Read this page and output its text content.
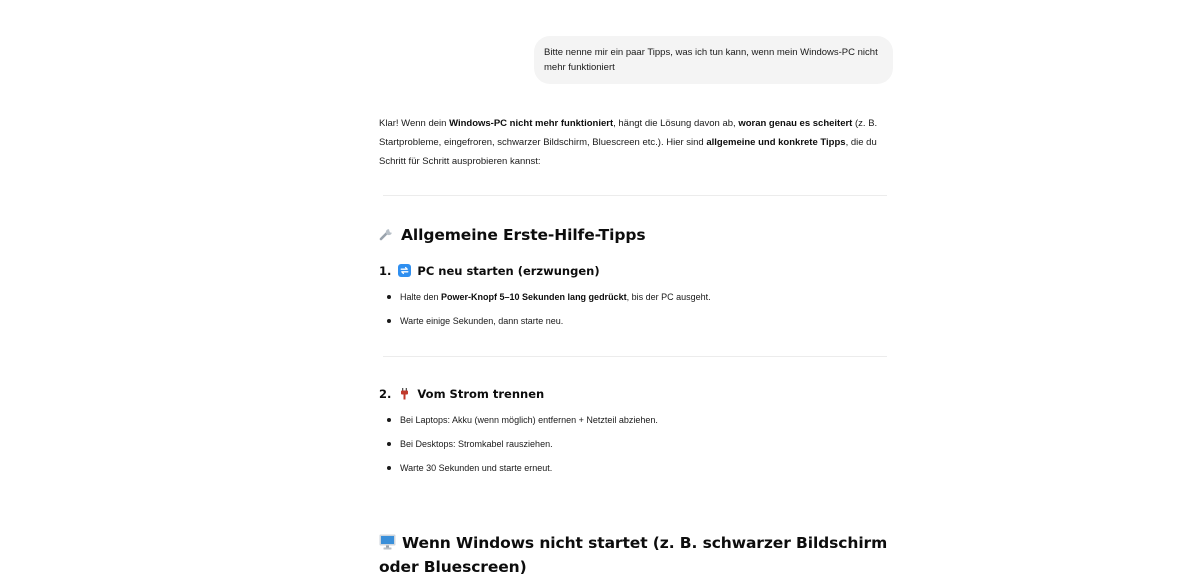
Bitte nenne mir ein paar Tipps, was ich tun kann, wenn mein Windows-PC nicht mehr funktioniert
Klar! Wenn dein Windows-PC nicht mehr funktioniert, hängt die Lösung davon ab, woran genau es scheitert (z. B. Startprobleme, eingefroren, schwarzer Bildschirm, Bluescreen etc.). Hier sind allgemeine und konkrete Tipps, die du Schritt für Schritt ausprobieren kannst:
Allgemeine Erste-Hilfe-Tipps
1. PC neu starten (erzwungen)
Halte den Power-Knopf 5–10 Sekunden lang gedrückt, bis der PC ausgeht.
Warte einige Sekunden, dann starte neu.
2. Vom Strom trennen
Bei Laptops: Akku (wenn möglich) entfernen + Netzteil abziehen.
Bei Desktops: Stromkabel rausziehen.
Warte 30 Sekunden und starte erneut.
Wenn Windows nicht startet (z. B. schwarzer Bildschirm oder Bluescreen)
